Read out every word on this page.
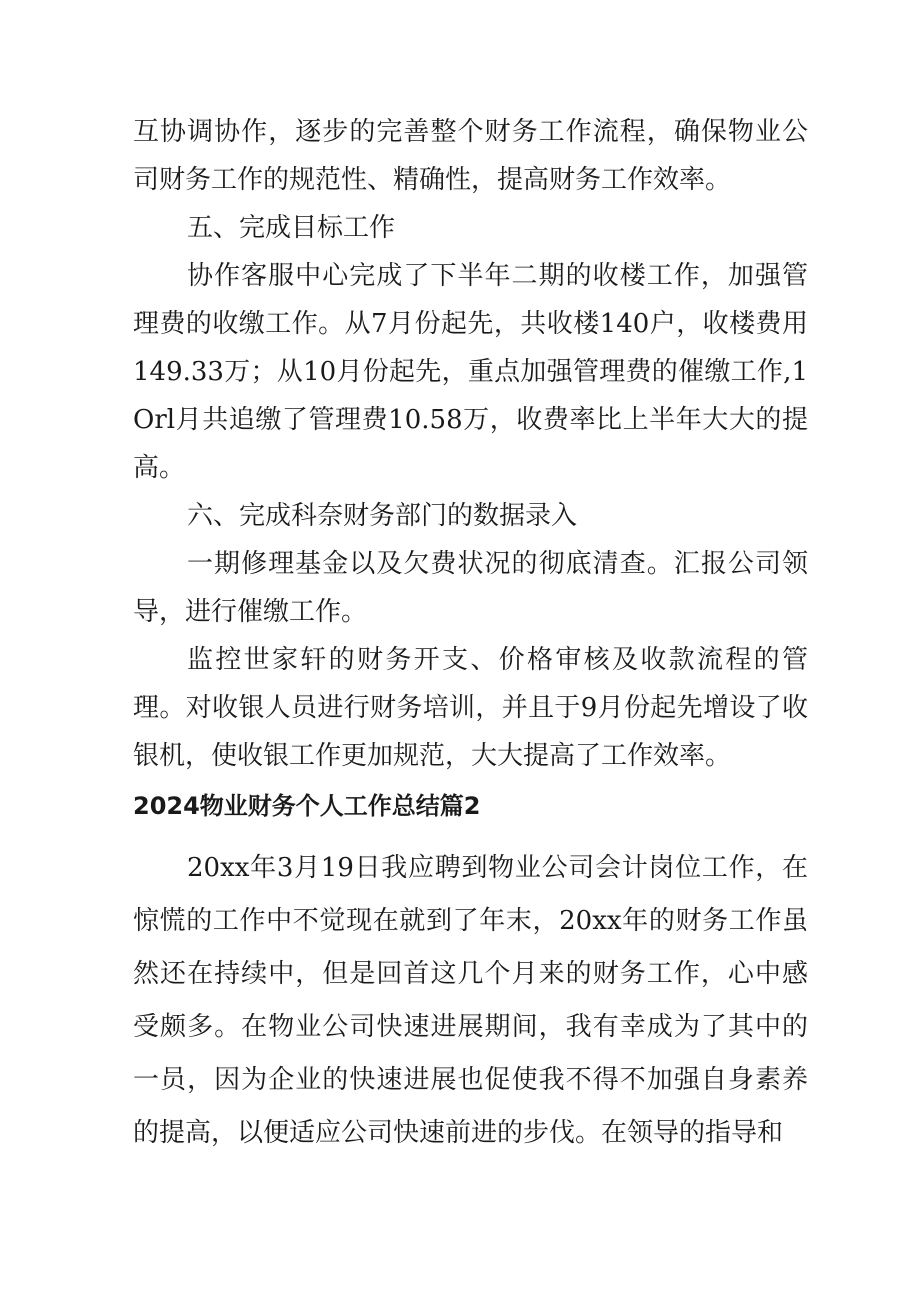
互协调协作，逐步的完善整个财务工作流程，确保物业公司财务工作的规范性、精确性，提高财务工作效率。

五、完成目标工作

协作客服中心完成了下半年二期的收楼工作，加强管理费的收缴工作。从7月份起先，共收楼140户，收楼费用149.33万；从10月份起先，重点加强管理费的催缴工作,1Orl月共追缴了管理费10.58万，收费率比上半年大大的提高。

六、完成科奈财务部门的数据录入

一期修理基金以及欠费状况的彻底清查。汇报公司领导，进行催缴工作。

监控世家轩的财务开支、价格审核及收款流程的管理。对收银人员进行财务培训，并且于9月份起先增设了收银机，使收银工作更加规范，大大提高了工作效率。

2024物业财务个人工作总结篇2

20xx年3月19日我应聘到物业公司会计岗位工作，在惊慌的工作中不觉现在就到了年末，20xx年的财务工作虽然还在持续中，但是回首这几个月来的财务工作，心中感受颇多。在物业公司快速进展期间，我有幸成为了其中的一员，因为企业的快速进展也促使我不得不加强自身素养的提高，以便适应公司快速前进的步伐。在领导的指导和
